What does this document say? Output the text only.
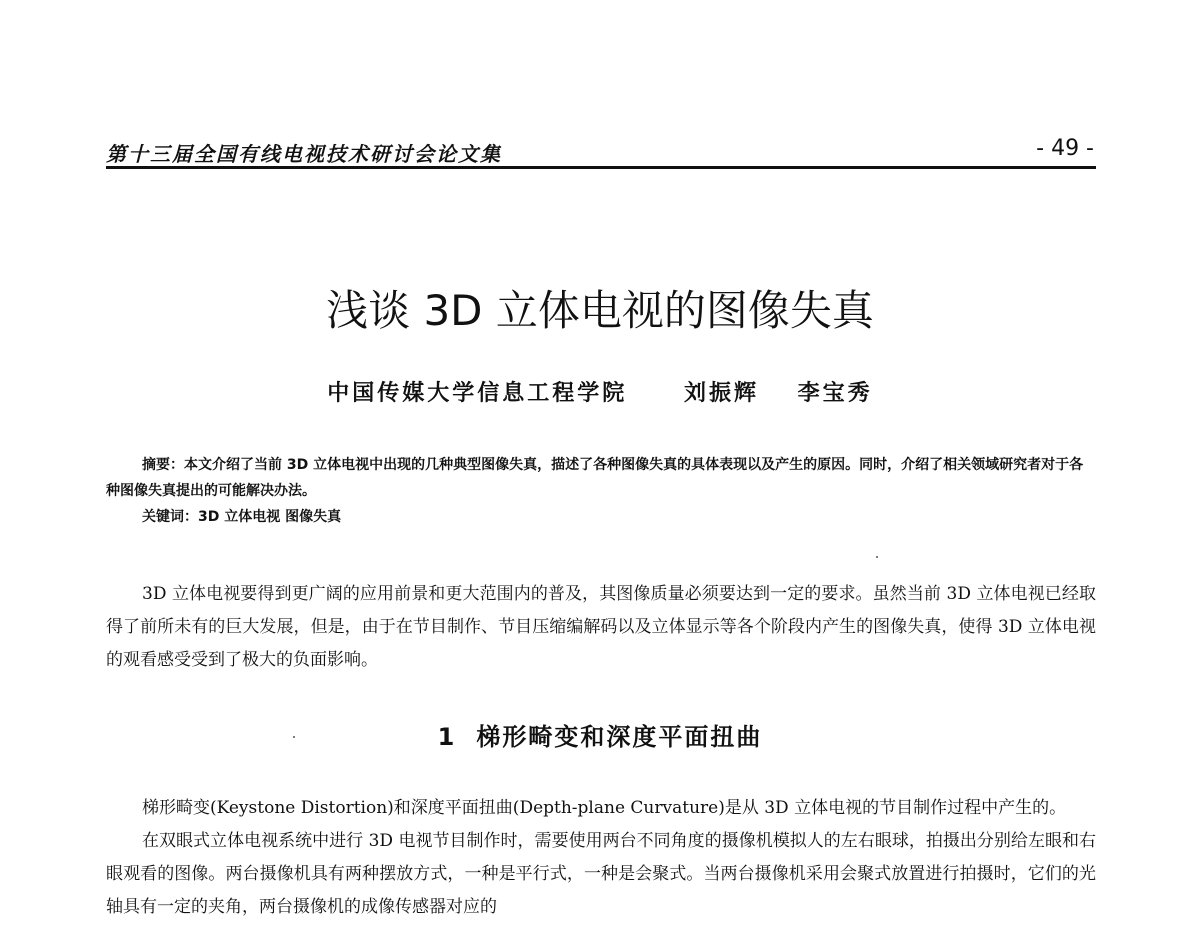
第十三届全国有线电视技术研讨会论文集	- 49 -
浅谈 3D 立体电视的图像失真
中国传媒大学信息工程学院	刘振辉 李宝秀

摘要：本文介绍了当前 3D 立体电视中出现的几种典型图像失真，描述了各种图像失真的具体表现以及产生的原因。同时，介绍了相关领域研究者对于各种图像失真提出的可能解决办法。

关键词：3D 立体电视 图像失真

3D 立体电视要得到更广阔的应用前景和更大范围内的普及，其图像质量必须要达到一定的要求。虽然当前 3D 立体电视已经取得了前所未有的巨大发展，但是，由于在节目制作、节目压缩编解码以及立体显示等各个阶段内产生的图像失真，使得 3D 立体电视的观看感受受到了极大的负面影响。

1 梯形畸变和深度平面扭曲

梯形畸变(Keystone Distortion)和深度平面扭曲(Depth-plane Curvature)是从 3D 立体电视的节目制作过程中产生的。

在双眼式立体电视系统中进行 3D 电视节目制作时，需要使用两台不同角度的摄像机模拟人的左右眼球，拍摄出分别给左眼和右眼观看的图像。两台摄像机具有两种摆放方式，一种是平行式，一种是会聚式。当两台摄像机采用会聚式放置进行拍摄时，它们的光轴具有一定的夹角，两台摄像机的成像传感器对应的
